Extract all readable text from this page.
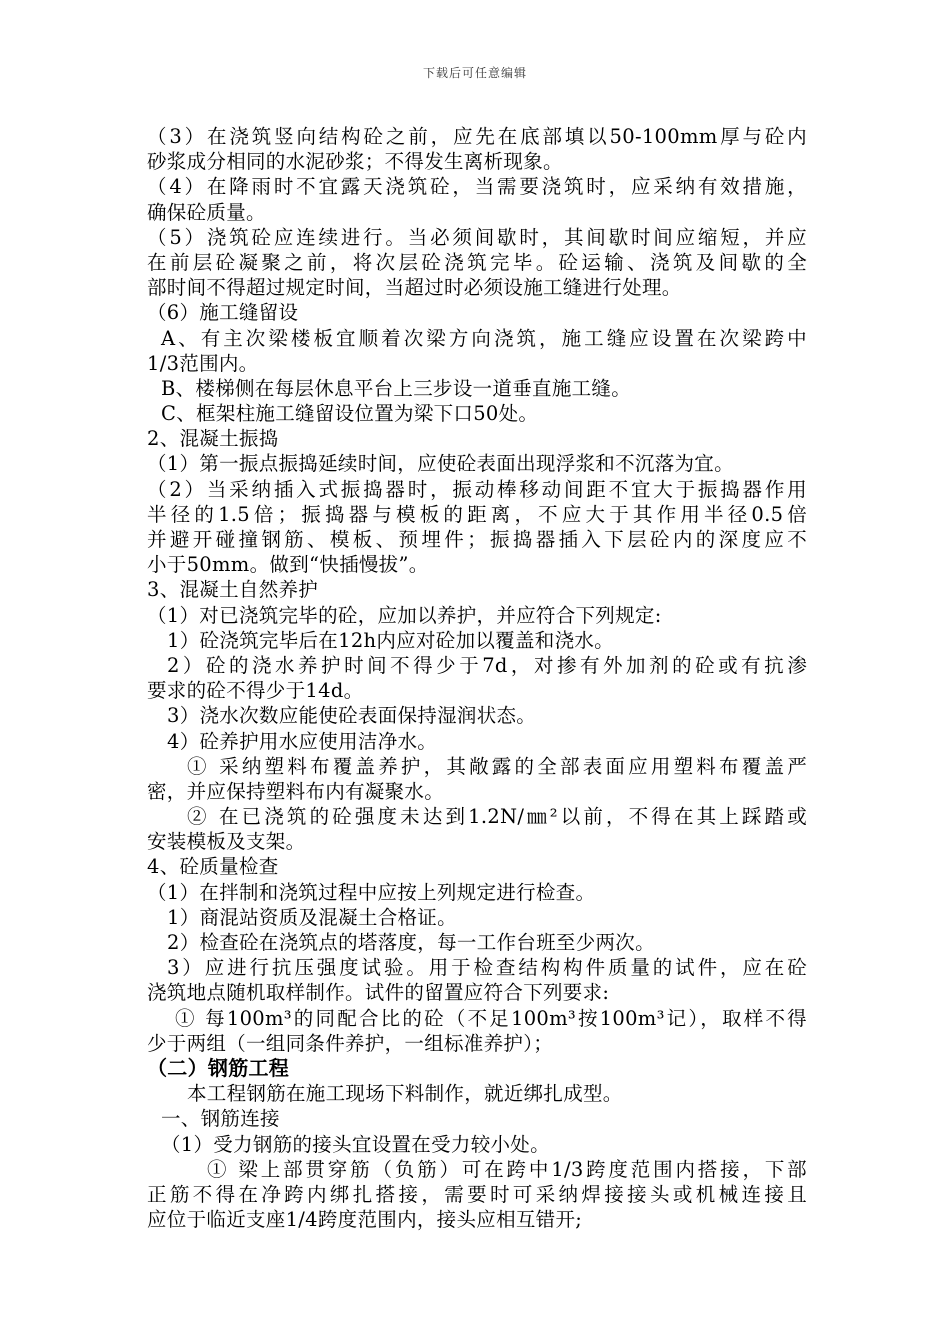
下载后可任意编辑
（3）在浇筑竖向结构砼之前，应先在底部填以50-100mm厚与砼内
砂浆成分相同的水泥砂浆；不得发生离析现象。
（4）在降雨时不宜露天浇筑砼，当需要浇筑时，应采纳有效措施，
确保砼质量。
（5）浇筑砼应连续进行。当必须间歇时，其间歇时间应缩短，并应
在前层砼凝聚之前，将次层砼浇筑完毕。砼运输、浇筑及间歇的全
部时间不得超过规定时间，当超过时必须设施工缝进行处理。
（6）施工缝留设
A、有主次梁楼板宜顺着次梁方向浇筑，施工缝应设置在次梁跨中
1/3范围内。
B、楼梯侧在每层休息平台上三步设一道垂直施工缝。
C、框架柱施工缝留设位置为梁下口50处。
2、混凝土振捣
（1）第一振点振捣延续时间，应使砼表面出现浮浆和不沉落为宜。
（2）当采纳插入式振捣器时，振动棒移动间距不宜大于振捣器作用
半径的1.5倍；振捣器与模板的距离，不应大于其作用半径0.5倍
并避开碰撞钢筋、模板、预埋件；振捣器插入下层砼内的深度应不
小于50mm。做到“快插慢拔”。
3、混凝土自然养护
（1）对已浇筑完毕的砼，应加以养护，并应符合下列规定:
1）砼浇筑完毕后在12h内应对砼加以覆盖和浇水。
2）砼的浇水养护时间不得少于7d，对掺有外加剂的砼或有抗渗
要求的砼不得少于14d。
3）浇水次数应能使砼表面保持湿润状态。
4）砼养护用水应使用洁净水。
① 采纳塑料布覆盖养护，其敞露的全部表面应用塑料布覆盖严
密，并应保持塑料布内有凝聚水。
② 在已浇筑的砼强度未达到1.2N/㎜²以前，不得在其上踩踏或
安装模板及支架。
4、砼质量检查
（1）在拌制和浇筑过程中应按上列规定进行检查。
1）商混站资质及混凝土合格证。
2）检查砼在浇筑点的塔落度，每一工作台班至少两次。
3）应进行抗压强度试验。用于检查结构构件质量的试件，应在砼
浇筑地点随机取样制作。试件的留置应符合下列要求:
① 每100m³的同配合比的砼（不足100m³按100m³记），取样不得
少于两组（一组同条件养护，一组标准养护）；
（二）钢筋工程
本工程钢筋在施工现场下料制作，就近绑扎成型。
一、钢筋连接
（1）受力钢筋的接头宜设置在受力较小处。
① 梁上部贯穿筋（负筋）可在跨中1/3跨度范围内搭接，下部
正筋不得在净跨内绑扎搭接，需要时可采纳焊接接头或机械连接且
应位于临近支座1/4跨度范围内，接头应相互错开;
